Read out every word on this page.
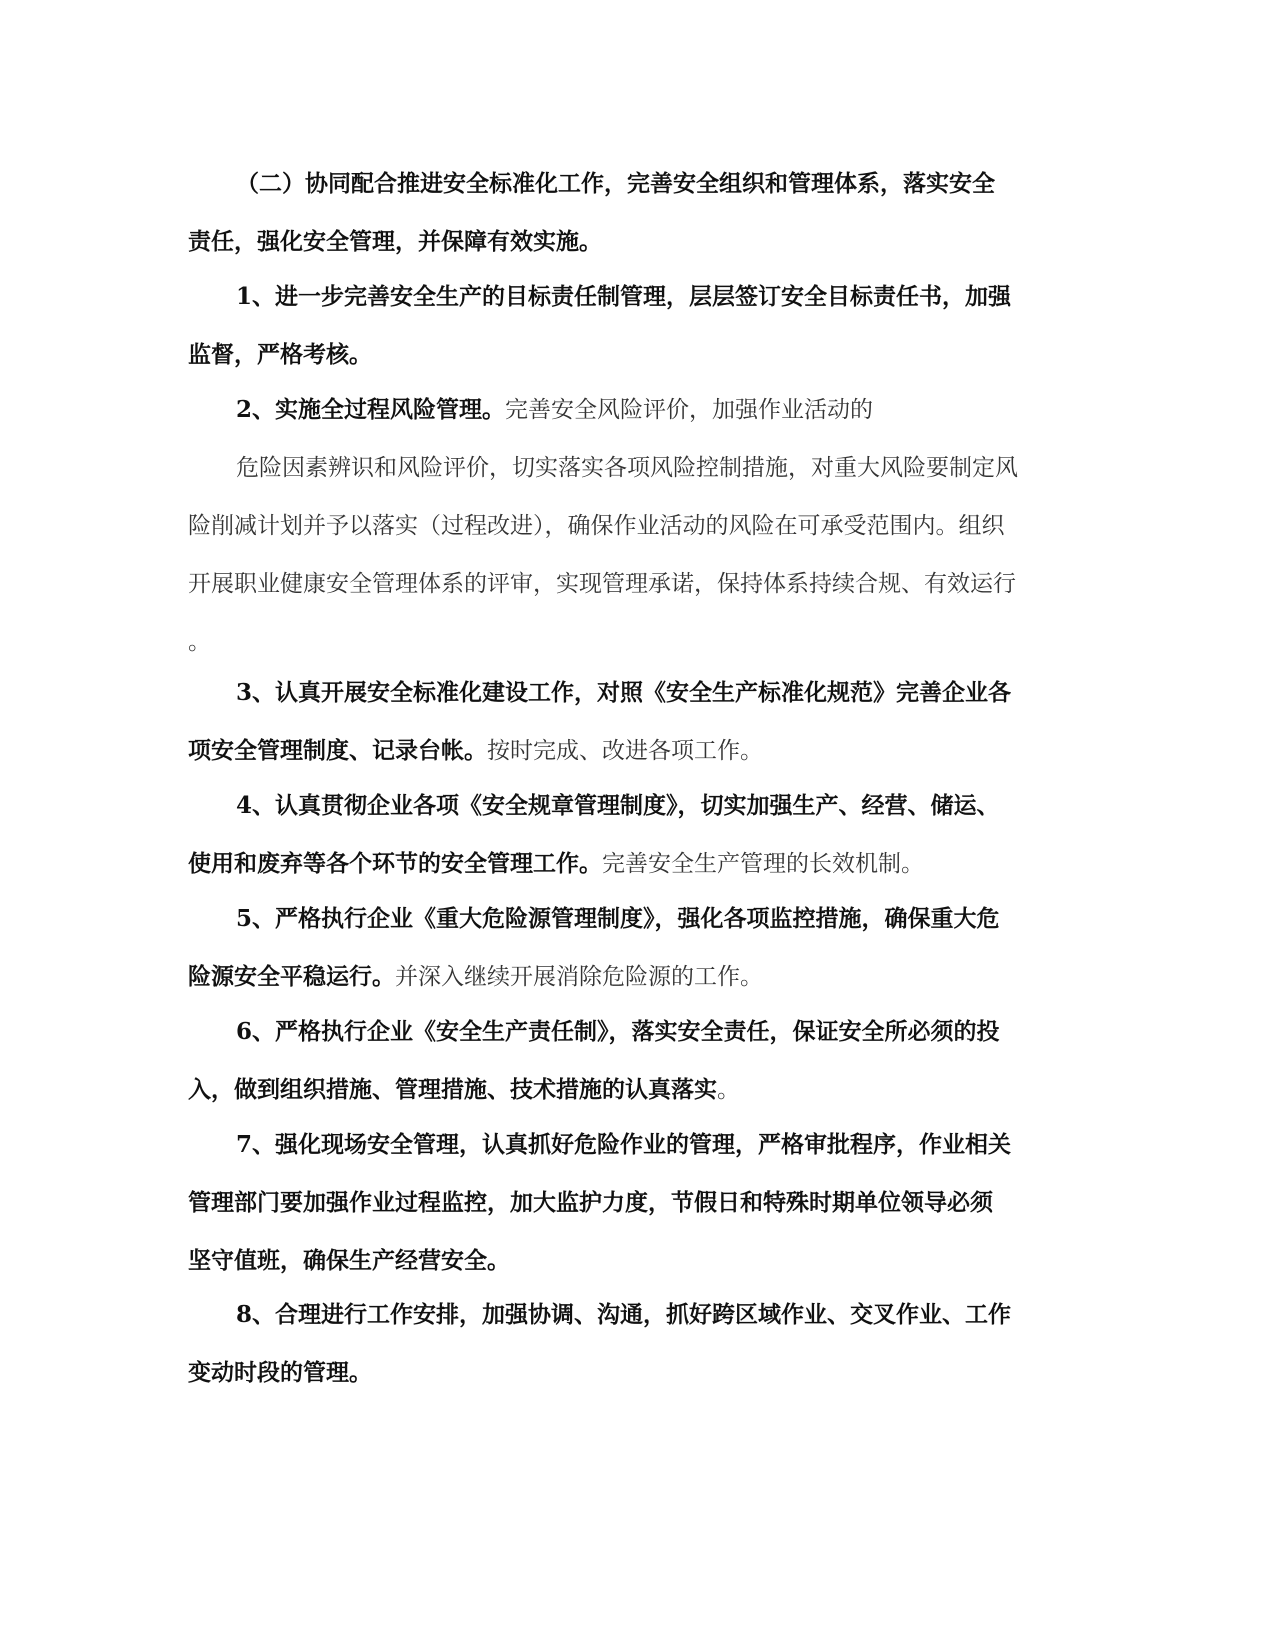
（二）协同配合推进安全标准化工作，完善安全组织和管理体系，落实安全
责任，强化安全管理，并保障有效实施。
1、进一步完善安全生产的目标责任制管理，层层签订安全目标责任书，加强
监督，严格考核。
2、实施全过程风险管理。完善安全风险评价，加强作业活动的
危险因素辨识和风险评价，切实落实各项风险控制措施，对重大风险要制定风
险削减计划并予以落实（过程改进），确保作业活动的风险在可承受范围内。组织
开展职业健康安全管理体系的评审，实现管理承诺，保持体系持续合规、有效运行
。
3、认真开展安全标准化建设工作，对照《安全生产标准化规范》完善企业各
项安全管理制度、记录台帐。按时完成、改进各项工作。
4、认真贯彻企业各项《安全规章管理制度》，切实加强生产、经营、储运、
使用和废弃等各个环节的安全管理工作。完善安全生产管理的长效机制。
5、严格执行企业《重大危险源管理制度》，强化各项监控措施，确保重大危
险源安全平稳运行。并深入继续开展消除危险源的工作。
6、严格执行企业《安全生产责任制》，落实安全责任，保证安全所必须的投
入，做到组织措施、管理措施、技术措施的认真落实。
7、强化现场安全管理，认真抓好危险作业的管理，严格审批程序，作业相关
管理部门要加强作业过程监控，加大监护力度，节假日和特殊时期单位领导必须
坚守值班，确保生产经营安全。
8、合理进行工作安排，加强协调、沟通，抓好跨区域作业、交叉作业、工作
变动时段的管理。
